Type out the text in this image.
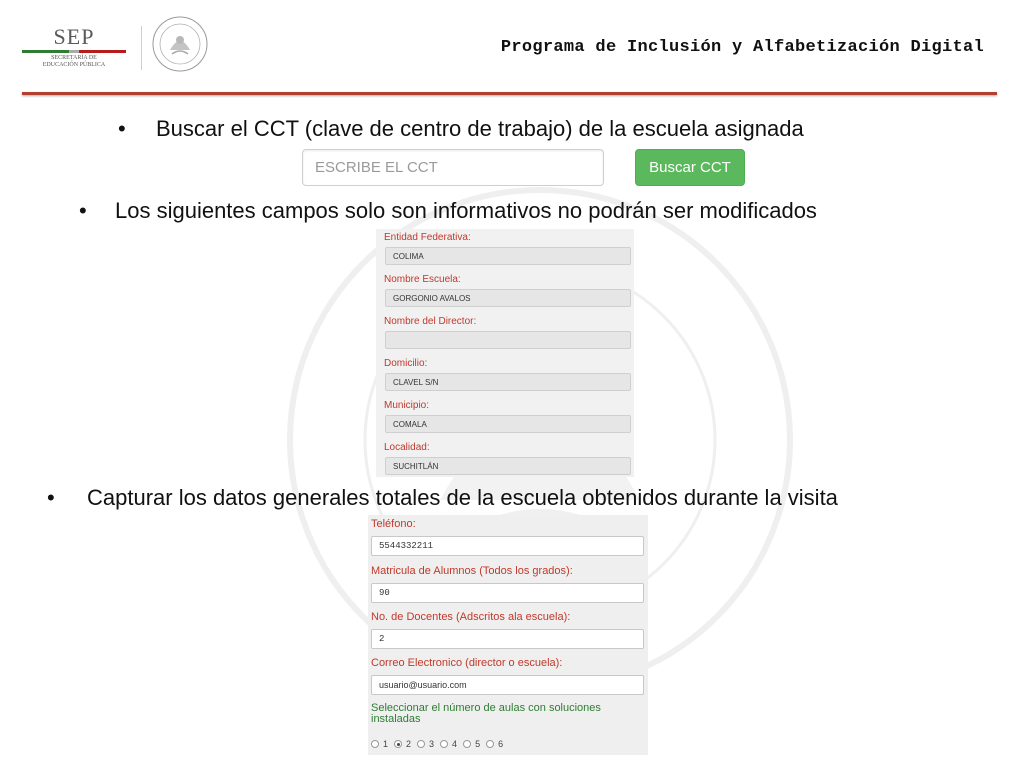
SEP
SECRETARÍA DE
EDUCACIÓN PÚBLICA
Programa de Inclusión y Alfabetización Digital
• Buscar el CCT (clave de centro de trabajo) de la escuela asignada
ESCRIBE EL CCT
Buscar CCT
• Los siguientes campos solo son informativos no podrán ser modificados
Entidad Federativa:
COLIMA
Nombre Escuela:
GORGONIO AVALOS
Nombre del Director:
Domicilio:
CLAVEL S/N
Municipio:
COMALA
Localidad:
SUCHITLÁN
• Capturar los datos generales totales de la escuela obtenidos durante la visita
Teléfono:
5544332211
Matricula de Alumnos (Todos los grados):
90
No. de Docentes (Adscritos ala escuela):
2
Correo Electronico (director o escuela):
usuario@usuario.com
Seleccionar el número de aulas con soluciones instaladas
1 2 3 4 5 6
